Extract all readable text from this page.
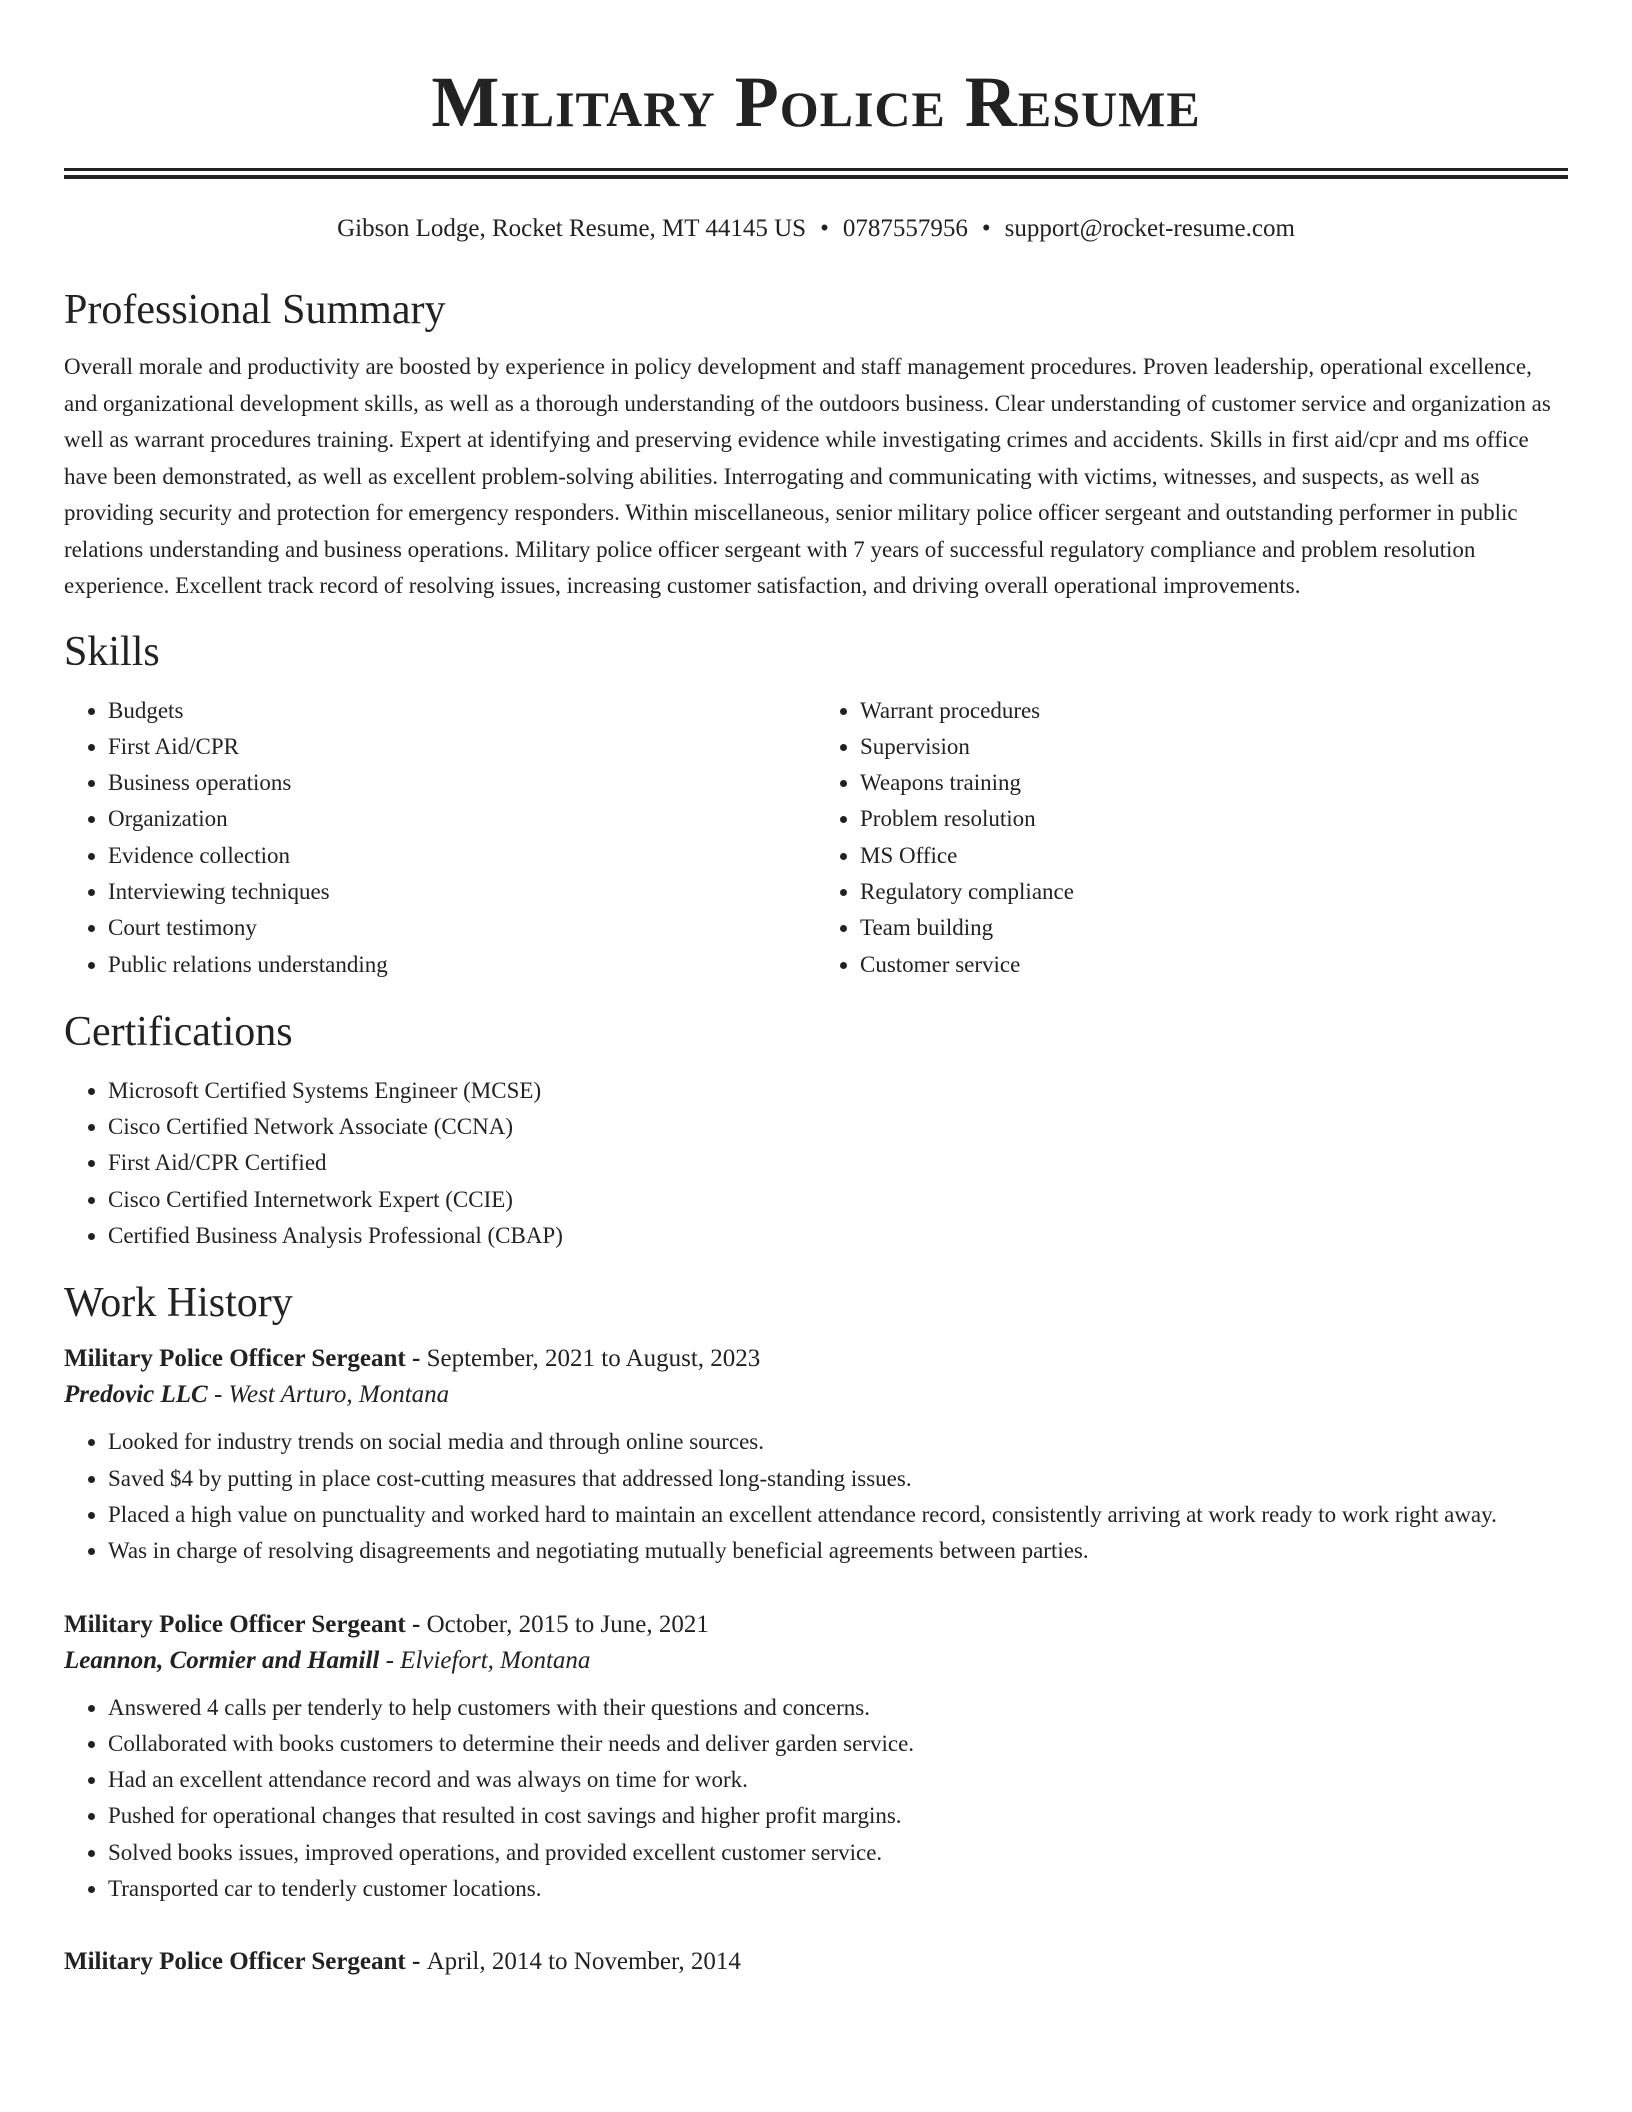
Military Police Resume
Gibson Lodge, Rocket Resume, MT 44145 US • 0787557956 • support@rocket-resume.com
Professional Summary

Overall morale and productivity are boosted by experience in policy development and staff management procedures. Proven leadership, operational excellence, and organizational development skills, as well as a thorough understanding of the outdoors business. Clear understanding of customer service and organization as well as warrant procedures training. Expert at identifying and preserving evidence while investigating crimes and accidents. Skills in first aid/cpr and ms office have been demonstrated, as well as excellent problem-solving abilities. Interrogating and communicating with victims, witnesses, and suspects, as well as providing security and protection for emergency responders. Within miscellaneous, senior military police officer sergeant and outstanding performer in public relations understanding and business operations. Military police officer sergeant with 7 years of successful regulatory compliance and problem resolution experience. Excellent track record of resolving issues, increasing customer satisfaction, and driving overall operational improvements.

Skills
• Budgets
• First Aid/CPR
• Business operations
• Organization
• Evidence collection
• Interviewing techniques
• Court testimony
• Public relations understanding
• Warrant procedures
• Supervision
• Weapons training
• Problem resolution
• MS Office
• Regulatory compliance
• Team building
• Customer service
Certifications
• Microsoft Certified Systems Engineer (MCSE)
• Cisco Certified Network Associate (CCNA)
• First Aid/CPR Certified
• Cisco Certified Internetwork Expert (CCIE)
• Certified Business Analysis Professional (CBAP)
Work History
Military Police Officer Sergeant - September, 2021 to August, 2023
Predovic LLC - West Arturo, Montana
• Looked for industry trends on social media and through online sources.
• Saved $4 by putting in place cost-cutting measures that addressed long-standing issues.
• Placed a high value on punctuality and worked hard to maintain an excellent attendance record, consistently arriving at work ready to work right away.
• Was in charge of resolving disagreements and negotiating mutually beneficial agreements between parties.
Military Police Officer Sergeant - October, 2015 to June, 2021
Leannon, Cormier and Hamill - Elviefort, Montana
• Answered 4 calls per tenderly to help customers with their questions and concerns.
• Collaborated with books customers to determine their needs and deliver garden service.
• Had an excellent attendance record and was always on time for work.
• Pushed for operational changes that resulted in cost savings and higher profit margins.
• Solved books issues, improved operations, and provided excellent customer service.
• Transported car to tenderly customer locations.
Military Police Officer Sergeant - April, 2014 to November, 2014
